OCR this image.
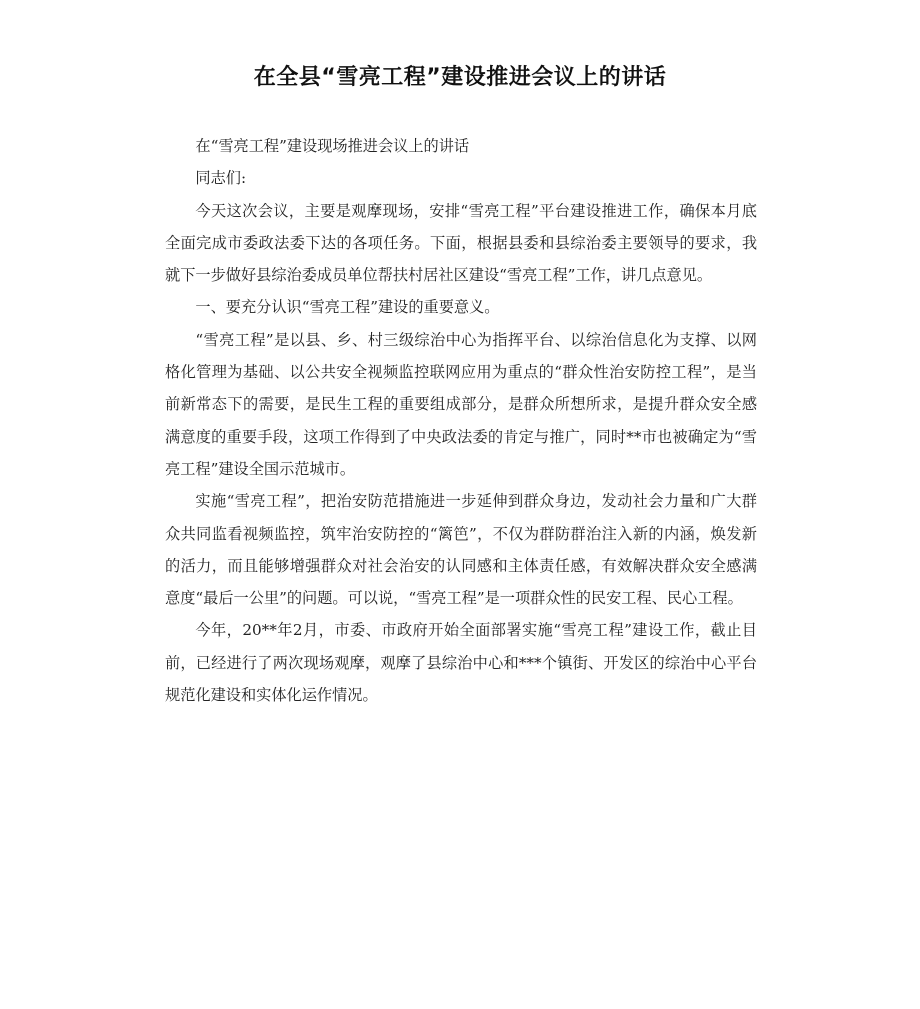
在全县“雪亮工程”建设推进会议上的讲话

在“雪亮工程”建设现场推进会议上的讲话

同志们:

今天这次会议，主要是观摩现场，安排“雪亮工程”平台建设推进工作，确保本月底全面完成市委政法委下达的各项任务。下面，根据县委和县综治委主要领导的要求，我就下一步做好县综治委成员单位帮扶村居社区建设“雪亮工程”工作，讲几点意见。

一、要充分认识“雪亮工程”建设的重要意义。

“雪亮工程”是以县、乡、村三级综治中心为指挥平台、以综治信息化为支撑、以网格化管理为基础、以公共安全视频监控联网应用为重点的“群众性治安防控工程”，是当前新常态下的需要，是民生工程的重要组成部分，是群众所想所求，是提升群众安全感满意度的重要手段，这项工作得到了中央政法委的肯定与推广，同时**市也被确定为“雪亮工程”建设全国示范城市。

实施“雪亮工程”，把治安防范措施进一步延伸到群众身边，发动社会力量和广大群众共同监看视频监控，筑牢治安防控的“篱笆”，不仅为群防群治注入新的内涵，焕发新的活力，而且能够增强群众对社会治安的认同感和主体责任感，有效解决群众安全感满意度“最后一公里”的问题。可以说，“雪亮工程”是一项群众性的民安工程、民心工程。

今年，20**年2月，市委、市政府开始全面部署实施“雪亮工程”建设工作，截止目前，已经进行了两次现场观摩，观摩了县综治中心和***个镇街、开发区的综治中心平台规范化建设和实体化运作情况。
